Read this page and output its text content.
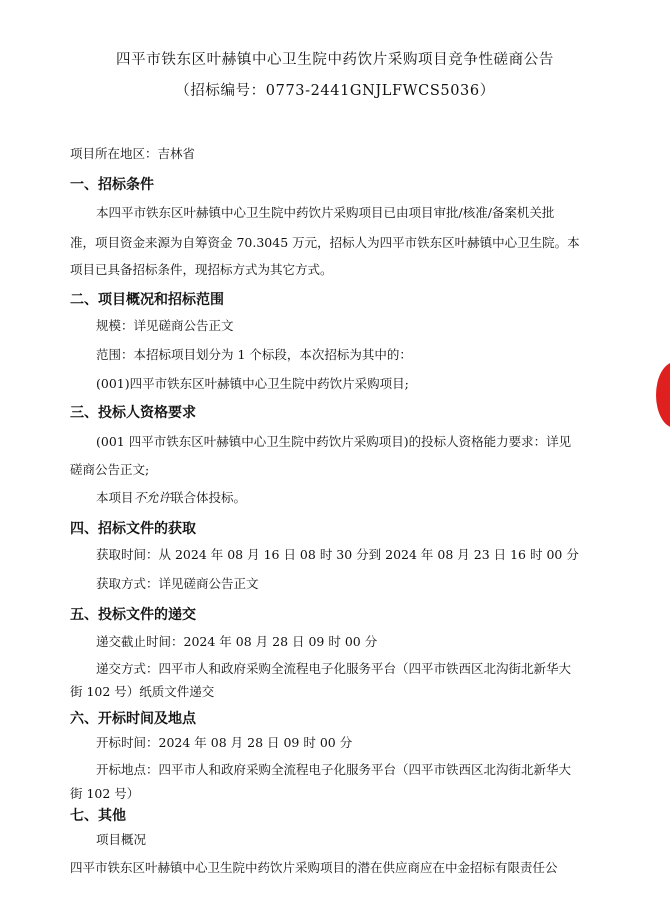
四平市铁东区叶赫镇中心卫生院中药饮片采购项目竞争性磋商公告
（招标编号：0773-2441GNJLFWCS5036）
项目所在地区：吉林省
一、招标条件
本四平市铁东区叶赫镇中心卫生院中药饮片采购项目已由项目审批/核准/备案机关批
准，项目资金来源为自筹资金 70.3045 万元，招标人为四平市铁东区叶赫镇中心卫生院。本
项目已具备招标条件，现招标方式为其它方式。
二、项目概况和招标范围
规模：详见磋商公告正文
范围：本招标项目划分为 1 个标段，本次招标为其中的：
(001)四平市铁东区叶赫镇中心卫生院中药饮片采购项目;
三、投标人资格要求
(001 四平市铁东区叶赫镇中心卫生院中药饮片采购项目)的投标人资格能力要求：详见
磋商公告正文;
本项目不允许联合体投标。
四、招标文件的获取
获取时间：从 2024 年 08 月 16 日 08 时 30 分到 2024 年 08 月 23 日 16 时 00 分
获取方式：详见磋商公告正文
五、投标文件的递交
递交截止时间：2024 年 08 月 28 日 09 时 00 分
递交方式：四平市人和政府采购全流程电子化服务平台（四平市铁西区北沟街北新华大
街 102 号）纸质文件递交
六、开标时间及地点
开标时间：2024 年 08 月 28 日 09 时 00 分
开标地点：四平市人和政府采购全流程电子化服务平台（四平市铁西区北沟街北新华大
街 102 号）
七、其他
项目概况
四平市铁东区叶赫镇中心卫生院中药饮片采购项目的潜在供应商应在中金招标有限责任公
